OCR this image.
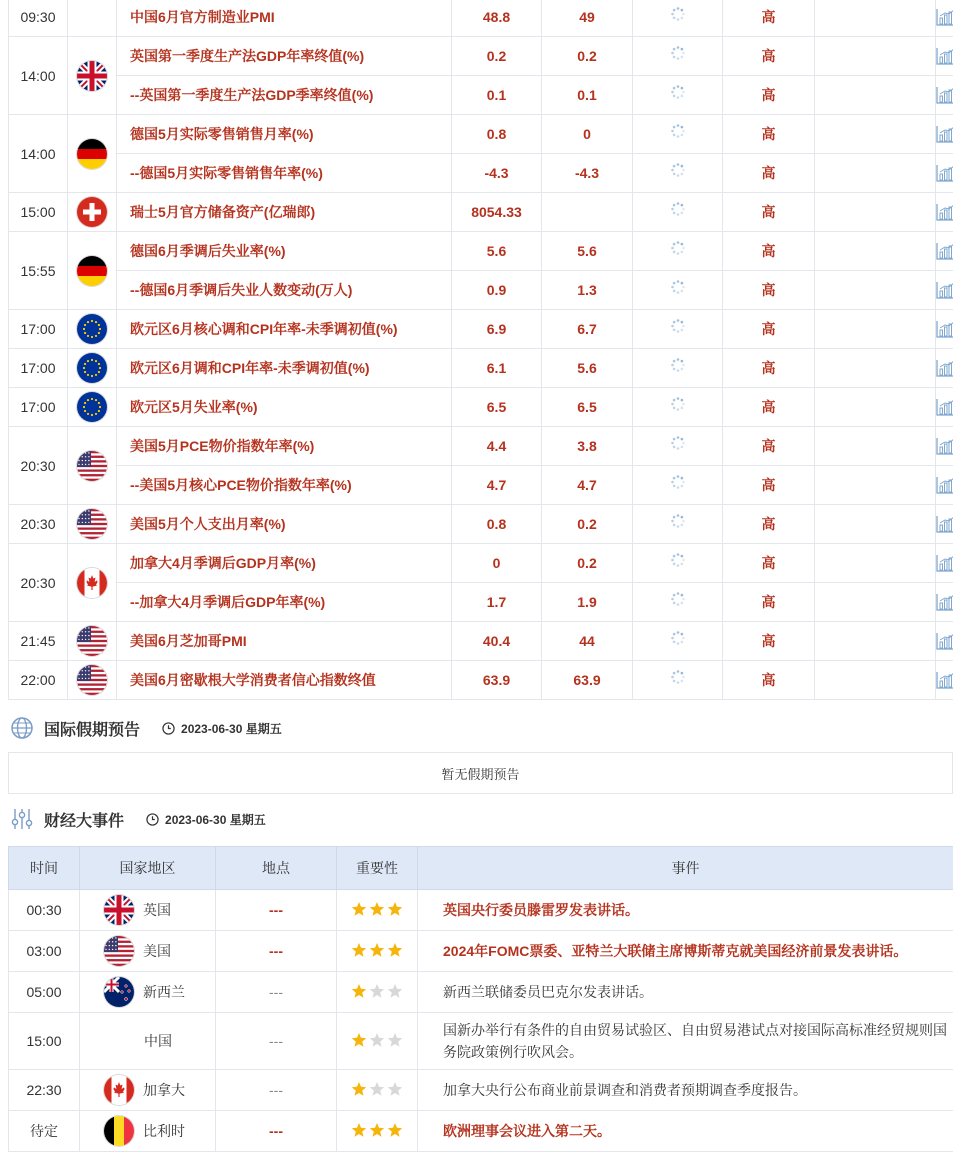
09:30		中国6月官方制造业PMI	48.8	49		高		
14:00		英国第一季度生产法GDP年率终值(%)	0.2	0.2		高		
		--英国第一季度生产法GDP季率终值(%)	0.1	0.1		高		
14:00		德国5月实际零售销售月率(%)	0.8	0		高		
		--德国5月实际零售销售年率(%)	-4.3	-4.3		高		
15:00		瑞士5月官方储备资产(亿瑞郎)	8054.33			高		
15:55		德国6月季调后失业率(%)	5.6	5.6		高		
		--德国6月季调后失业人数变动(万人)	0.9	1.3		高		
17:00		欧元区6月核心调和CPI年率-未季调初值(%)	6.9	6.7		高		
17:00		欧元区6月调和CPI年率-未季调初值(%)	6.1	5.6		高		
17:00		欧元区5月失业率(%)	6.5	6.5		高		
20:30		美国5月PCE物价指数年率(%)	4.4	3.8		高		
		--美国5月核心PCE物价指数年率(%)	4.7	4.7		高		
20:30		美国5月个人支出月率(%)	0.8	0.2		高		
20:30		加拿大4月季调后GDP月率(%)	0	0.2		高		
		--加拿大4月季调后GDP年率(%)	1.7	1.9		高		
21:45		美国6月芝加哥PMI	40.4	44		高		
22:00		美国6月密歇根大学消费者信心指数终值	63.9	63.9		高		
国际假期预告	2023-06-30 星期五
暂无假期预告
财经大事件	2023-06-30 星期五
时间	国家地区	地点	重要性	事件
00:30	英国	---		英国央行委员滕雷罗发表讲话。
03:00	美国	---		2024年FOMC票委、亚特兰大联储主席博斯蒂克就美国经济前景发表讲话。
05:00	新西兰	---		新西兰联储委员巴克尔发表讲话。
15:00	中国	---		国新办举行有条件的自由贸易试验区、自由贸易港试点对接国际高标准经贸规则国务院政策例行吹风会。
22:30	加拿大	---		加拿大央行公布商业前景调查和消费者预期调查季度报告。
待定	比利时	---		欧洲理事会议进入第二天。
